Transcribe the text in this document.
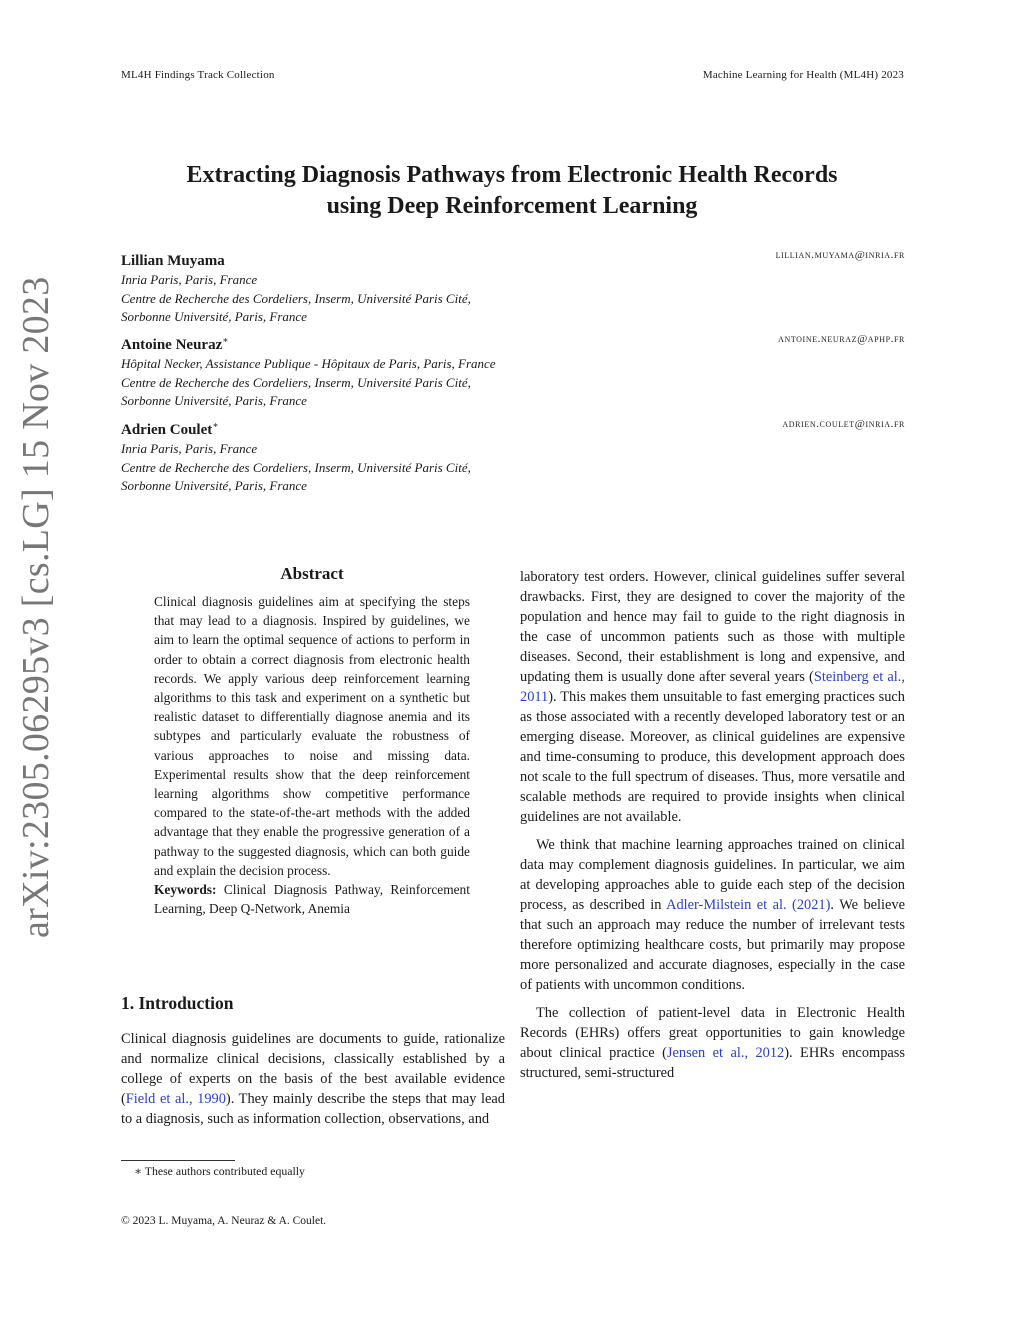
ML4H Findings Track Collection	Machine Learning for Health (ML4H) 2023
Extracting Diagnosis Pathways from Electronic Health Records
using Deep Reinforcement Learning
Lillian Muyama	lillian.muyama@inria.fr
Inria Paris, Paris, France
Centre de Recherche des Cordeliers, Inserm, Université Paris Cité,
Sorbonne Université, Paris, France
Antoine Neuraz∗	antoine.neuraz@aphp.fr
Hôpital Necker, Assistance Publique - Hôpitaux de Paris, Paris, France
Centre de Recherche des Cordeliers, Inserm, Université Paris Cité,
Sorbonne Université, Paris, France
Adrien Coulet∗	adrien.coulet@inria.fr
Inria Paris, Paris, France
Centre de Recherche des Cordeliers, Inserm, Université Paris Cité,
Sorbonne Université, Paris, France
arXiv:2305.06295v3 [cs.LG] 15 Nov 2023	Abstract

Clinical diagnosis guidelines aim at specifying the steps that may lead to a diagnosis. Inspired by guidelines, we aim to learn the optimal sequence of actions to perform in order to obtain a correct diagnosis from electronic health records. We apply various deep reinforcement learning algorithms to this task and experiment on a synthetic but realistic dataset to differentially diagnose anemia and its subtypes and particularly evaluate the robustness of various approaches to noise and missing data. Experimental results show that the deep reinforcement learning algorithms show competitive performance compared to the state-of-the-art methods with the added advantage that they enable the progressive generation of a pathway to the suggested diagnosis, which can both guide and explain the decision process.

Keywords: Clinical Diagnosis Pathway, Reinforcement Learning, Deep Q-Network, Anemia

1. Introduction

Clinical diagnosis guidelines are documents to guide, rationalize and normalize clinical decisions, classically established by a college of experts on the basis of the best available evidence (Field et al., 1990). They mainly describe the steps that may lead to a diagnosis, such as information collection, observations, and

laboratory test orders. However, clinical guidelines suffer several drawbacks. First, they are designed to cover the majority of the population and hence may fail to guide to the right diagnosis in the case of uncommon patients such as those with multiple diseases. Second, their establishment is long and expensive, and updating them is usually done after several years (Steinberg et al., 2011). This makes them unsuitable to fast emerging practices such as those associated with a recently developed laboratory test or an emerging disease. Moreover, as clinical guidelines are expensive and time-consuming to produce, this development approach does not scale to the full spectrum of diseases. Thus, more versatile and scalable methods are required to provide insights when clinical guidelines are not available.

We think that machine learning approaches trained on clinical data may complement diagnosis guidelines. In particular, we aim at developing approaches able to guide each step of the decision process, as described in Adler-Milstein et al. (2021). We believe that such an approach may reduce the number of irrelevant tests therefore optimizing healthcare costs, but primarily may propose more personalized and accurate diagnoses, especially in the case of patients with uncommon conditions.

The collection of patient-level data in Electronic Health Records (EHRs) offers great opportunities to gain knowledge about clinical practice (Jensen et al., 2012). EHRs encompass structured, semi-structured

∗ These authors contributed equally
© 2023 L. Muyama, A. Neuraz & A. Coulet.
